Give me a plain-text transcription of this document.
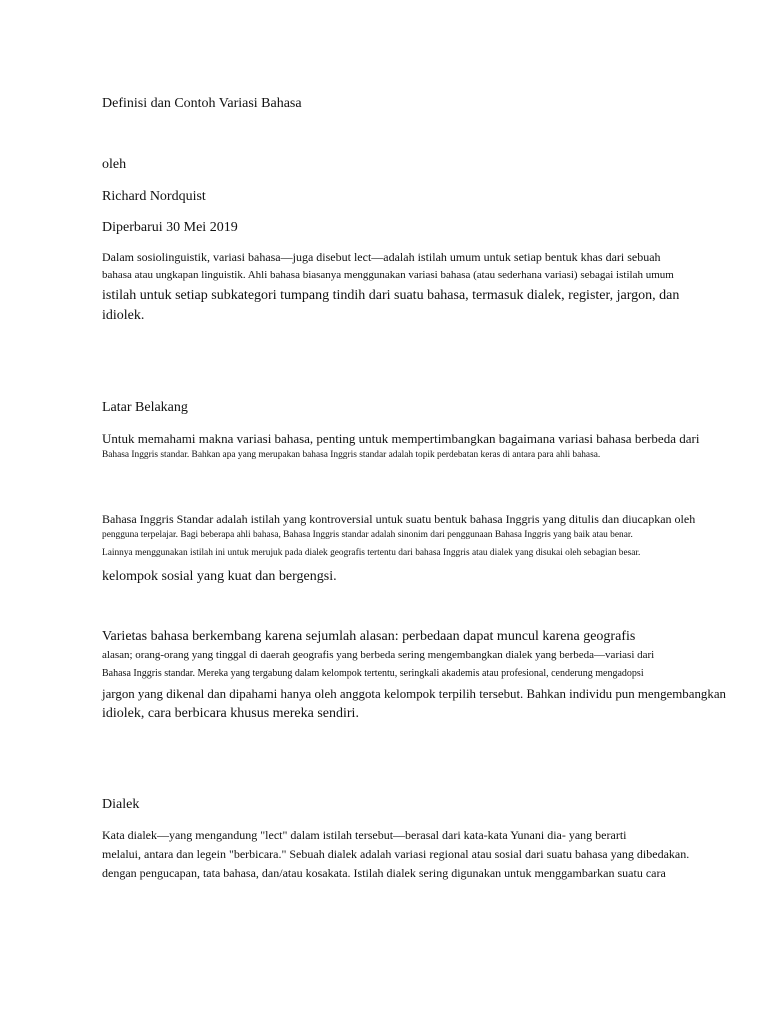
Definisi dan Contoh Variasi Bahasa
oleh
Richard Nordquist
Diperbarui 30 Mei 2019
Dalam sosiolinguistik, variasi bahasa—juga disebut lect—adalah istilah umum untuk setiap bentuk khas dari sebuah
bahasa atau ungkapan linguistik. Ahli bahasa biasanya menggunakan variasi bahasa (atau sederhana variasi) sebagai istilah umum
istilah untuk setiap subkategori tumpang tindih dari suatu bahasa, termasuk dialek, register, jargon, dan
idiolek.
Latar Belakang
Untuk memahami makna variasi bahasa, penting untuk mempertimbangkan bagaimana variasi bahasa berbeda dari
Bahasa Inggris standar. Bahkan apa yang merupakan bahasa Inggris standar adalah topik perdebatan keras di antara para ahli bahasa.
Bahasa Inggris Standar adalah istilah yang kontroversial untuk suatu bentuk bahasa Inggris yang ditulis dan diucapkan oleh
pengguna terpelajar. Bagi beberapa ahli bahasa, Bahasa Inggris standar adalah sinonim dari penggunaan Bahasa Inggris yang baik atau benar.
Lainnya menggunakan istilah ini untuk merujuk pada dialek geografis tertentu dari bahasa Inggris atau dialek yang disukai oleh sebagian besar.
kelompok sosial yang kuat dan bergengsi.
Varietas bahasa berkembang karena sejumlah alasan: perbedaan dapat muncul karena geografis
alasan; orang-orang yang tinggal di daerah geografis yang berbeda sering mengembangkan dialek yang berbeda—variasi dari
Bahasa Inggris standar. Mereka yang tergabung dalam kelompok tertentu, seringkali akademis atau profesional, cenderung mengadopsi
jargon yang dikenal dan dipahami hanya oleh anggota kelompok terpilih tersebut. Bahkan individu pun mengembangkan
idiolek, cara berbicara khusus mereka sendiri.
Dialek
Kata dialek—yang mengandung "lect" dalam istilah tersebut—berasal dari kata-kata Yunani dia- yang berarti
melalui, antara dan legein "berbicara." Sebuah dialek adalah variasi regional atau sosial dari suatu bahasa yang dibedakan.
dengan pengucapan, tata bahasa, dan/atau kosakata. Istilah dialek sering digunakan untuk menggambarkan suatu cara
